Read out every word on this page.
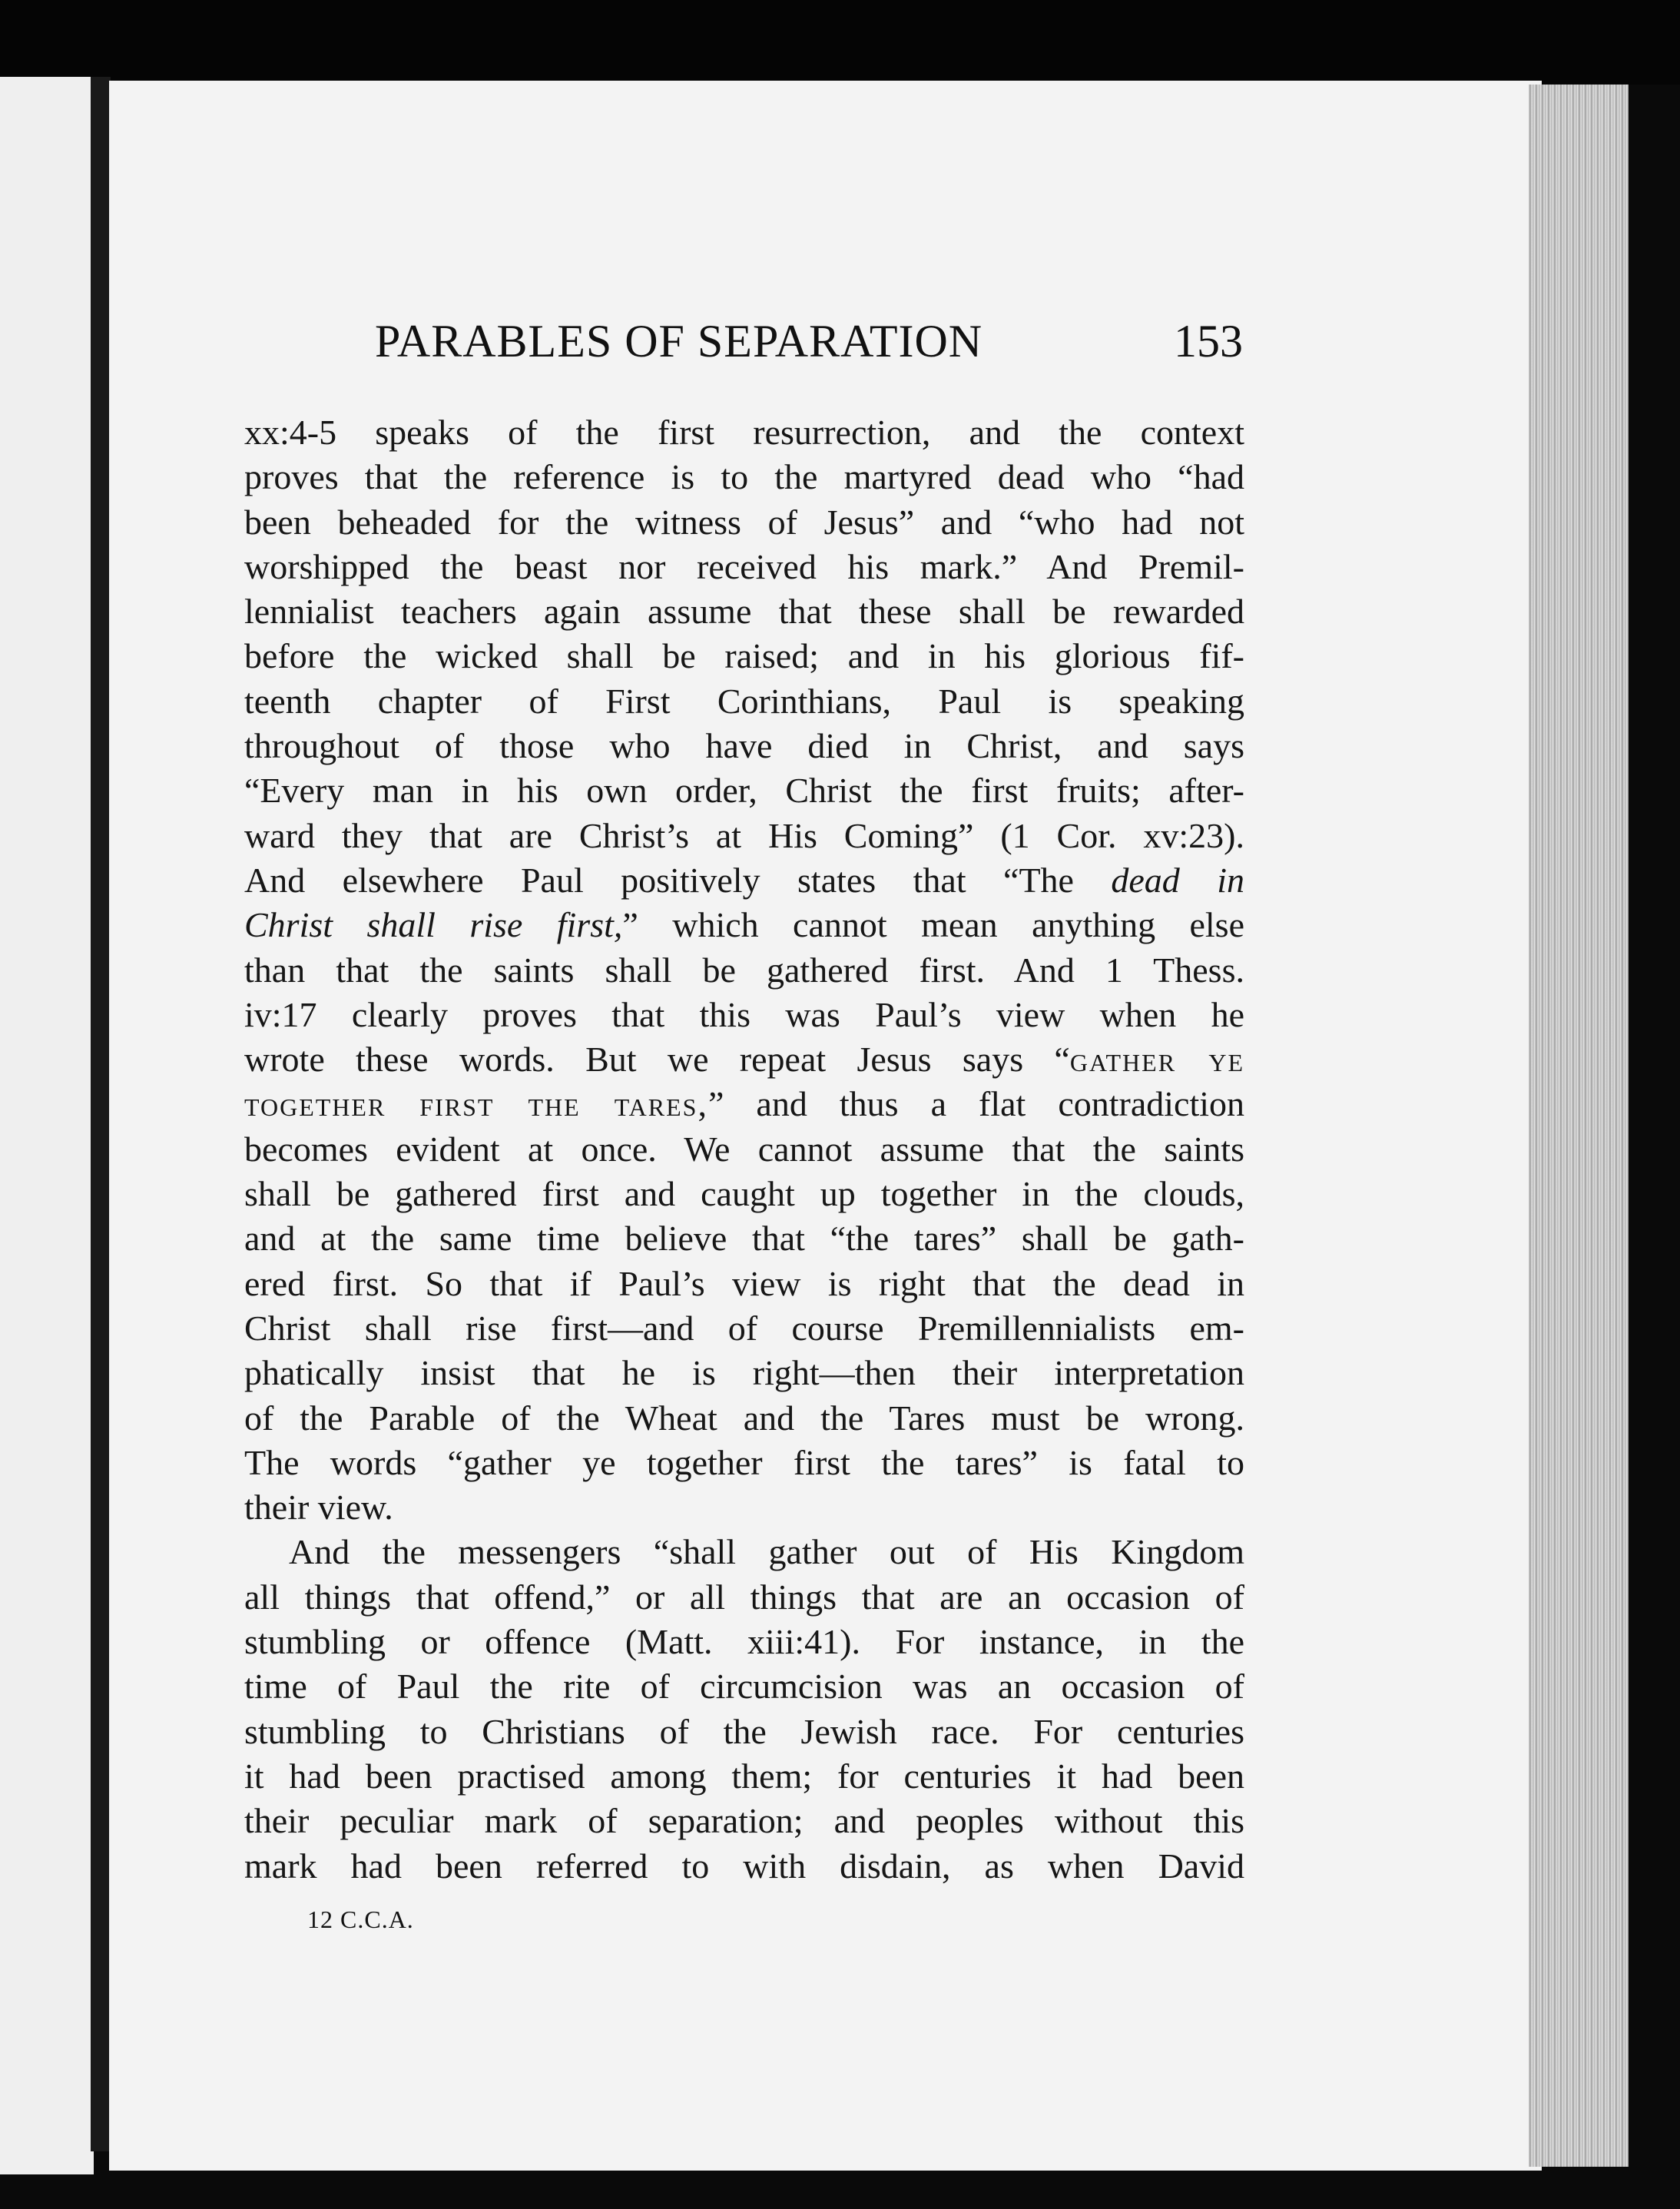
PARABLES OF SEPARATION	153
xx:4-5 speaks of the first resurrection, and the context
proves that the reference is to the martyred dead who “had
been beheaded for the witness of Jesus” and “who had not
worshipped the beast nor received his mark.” And Premil-
lennialist teachers again assume that these shall be rewarded
before the wicked shall be raised; and in his glorious fif-
teenth chapter of First Corinthians, Paul is speaking
throughout of those who have died in Christ, and says
“Every man in his own order, Christ the first fruits; after-
ward they that are Christ’s at His Coming” (1 Cor. xv:23).
And elsewhere Paul positively states that “The dead in
Christ shall rise first,” which cannot mean anything else
than that the saints shall be gathered first. And 1 Thess.
iv:17 clearly proves that this was Paul’s view when he
wrote these words. But we repeat Jesus says “gather ye
together first the tares,” and thus a flat contradiction
becomes evident at once. We cannot assume that the saints
shall be gathered first and caught up together in the clouds,
and at the same time believe that “the tares” shall be gath-
ered first. So that if Paul’s view is right that the dead in
Christ shall rise first—and of course Premillennialists em-
phatically insist that he is right—then their interpretation
of the Parable of the Wheat and the Tares must be wrong.
The words “gather ye together first the tares” is fatal to
their view.
And the messengers “shall gather out of His Kingdom
all things that offend,” or all things that are an occasion of
stumbling or offence (Matt. xiii:41). For instance, in the
time of Paul the rite of circumcision was an occasion of
stumbling to Christians of the Jewish race. For centuries
it had been practised among them; for centuries it had been
their peculiar mark of separation; and peoples without this
mark had been referred to with disdain, as when David
12 C.C.A.
